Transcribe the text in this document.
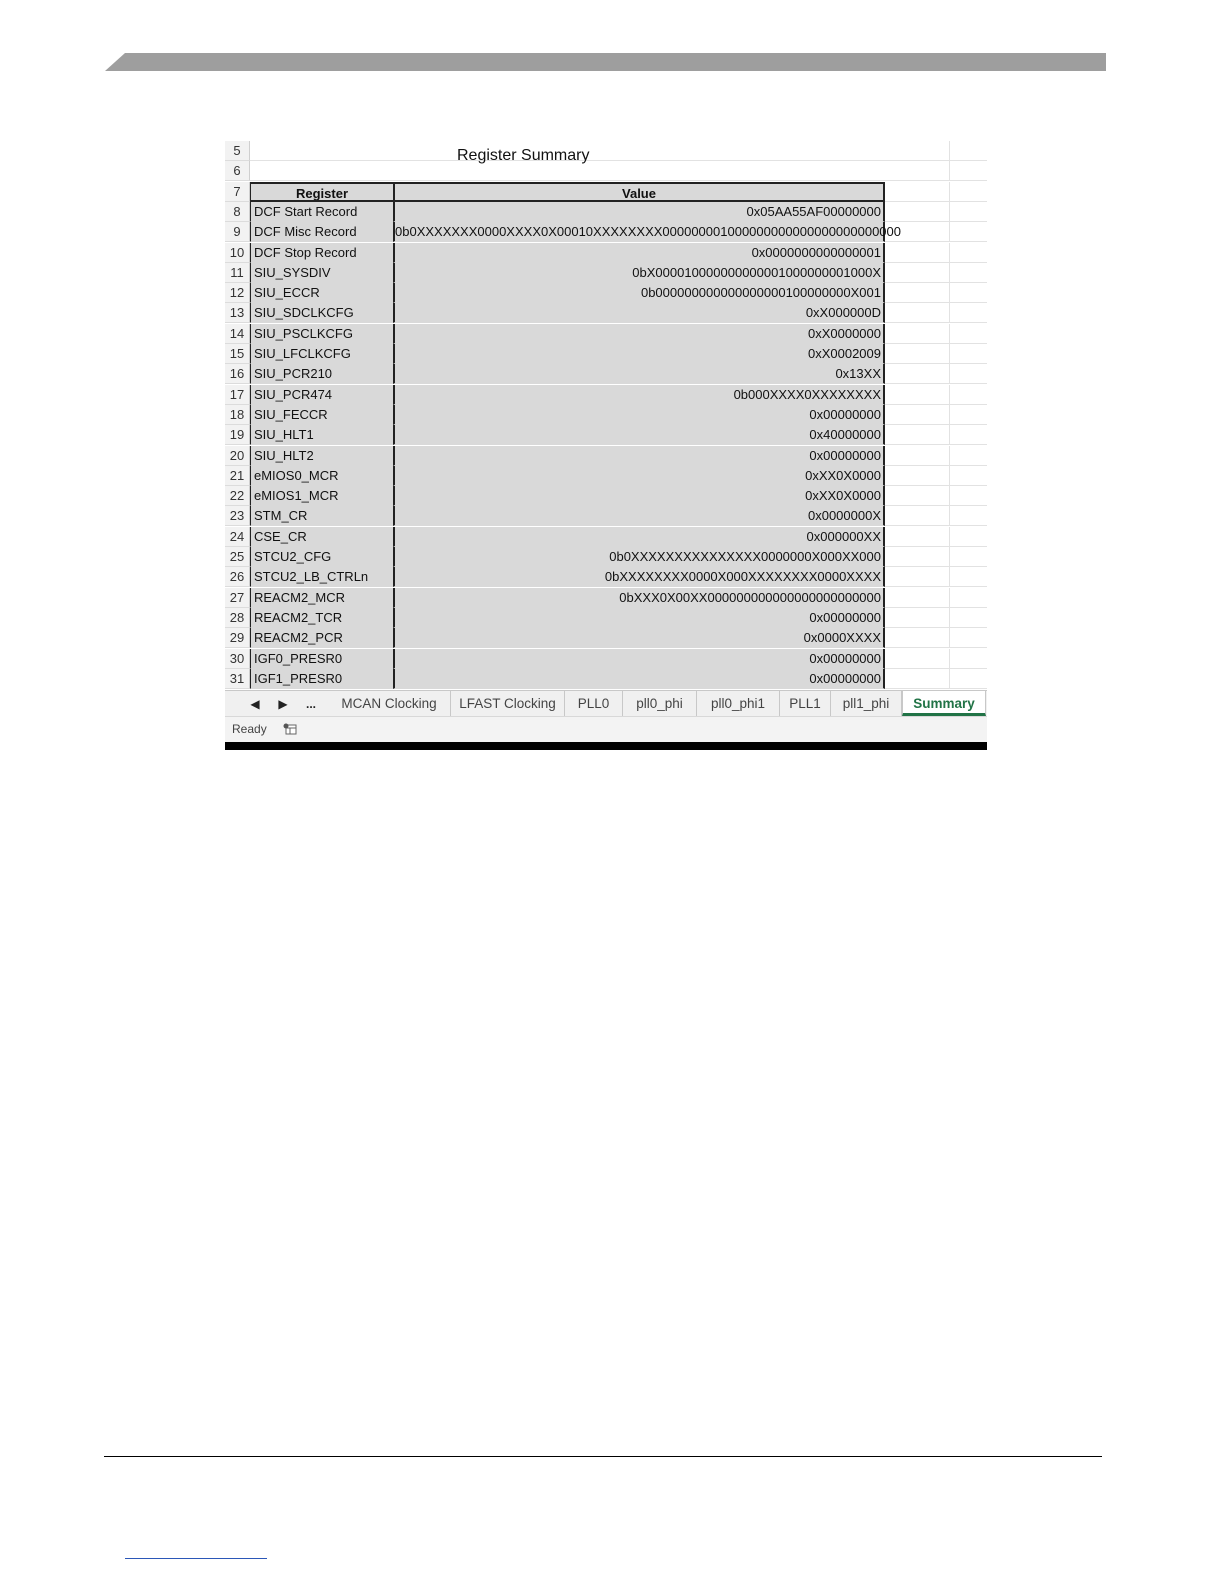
5
6
Register Summary
7	Register	Value
8	DCF Start Record	0x05AA55AF00000000
9	DCF Misc Record	0b0XXXXXXX0000XXXX0X00010XXXXXXXX000000001000000000000000000000000
10 DCF Stop Record	0x0000000000000001
11 SIU_SYSDIV	0bX000010000000000001000000001000X
12 SIU_ECCR	0b000000000000000000100000000X001
13 SIU_SDCLKCFG	0xX000000D
14 SIU_PSCLKCFG	0xX0000000
15 SIU_LFCLKCFG	0xX0002009
16 SIU_PCR210	0x13XX
17 SIU_PCR474	0b000XXXX0XXXXXXXX
18 SIU_FECCR	0x00000000
19 SIU_HLT1	0x40000000
20 SIU_HLT2	0x00000000
21 eMIOS0_MCR	0xXX0X0000
22 eMIOS1_MCR	0xXX0X0000
23 STM_CR	0x0000000X
24 CSE_CR	0x000000XX
25 STCU2_CFG	0b0XXXXXXXXXXXXXXX0000000X000XX000
26 STCU2_LB_CTRLn	0bXXXXXXXX0000X000XXXXXXXX0000XXXX
27 REACM2_MCR	0bXXX0X00XX000000000000000000000000
28 REACM2_TCR	0x00000000
29 REACM2_PCR	0x0000XXXX
30 IGF0_PRESR0	0x00000000
31 IGF1_PRESR0	0x00000000
◀	▶	...	MCAN Clocking	LFAST Clocking	PLL0	pll0_phi	pll0_phi1	PLL1	pll1_phi	Summary
Ready
